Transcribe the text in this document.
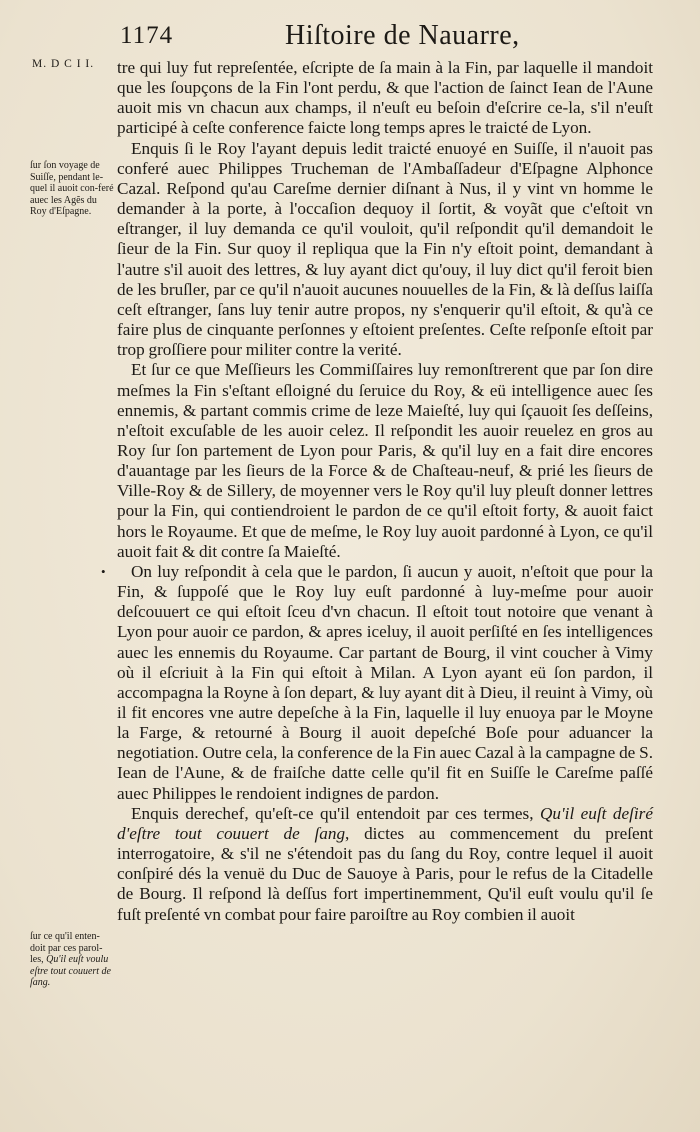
1174	Hiſtoire de Nauarre,
M. D C I I.
ſur ſon voyage de Suiſſe, pendant le-quel il auoit con-feré auec les Agẽs du Roy d'Eſpagne.
ſur ce qu'il enten-doit par ces parol-les, Qu'il euſt voulu eſtre tout couuert de ſang.

tre qui luy fut repreſentée, eſcripte de ſa main à la Fin, par laquelle il mandoit que les ſoupçons de la Fin l'ont perdu, & que l'action de ſainct Iean de l'Aune auoit mis vn chacun aux champs, il n'euſt eu beſoin d'eſcrire ce-la, s'il n'euſt participé à ceſte conference faicte long temps apres le traicté de Lyon.

Enquis ſi le Roy l'ayant depuis ledit traicté enuoyé en Suiſſe, il n'auoit pas conferé auec Philippes Trucheman de l'Ambaſſadeur d'Eſpagne Alphonce Cazal. Reſpond qu'au Careſme dernier diſnant à Nus, il y vint vn homme le demander à la porte, à l'occaſion dequoy il ſortit, & voyãt que c'eſtoit vn eſtranger, il luy demanda ce qu'il vouloit, qu'il reſpondit qu'il demandoit le ſieur de la Fin. Sur quoy il repliqua que la Fin n'y eſtoit point, demandant à l'autre s'il auoit des lettres, & luy ayant dict qu'ouy, il luy dict qu'il feroit bien de les bruſler, par ce qu'il n'auoit aucunes nouuelles de la Fin, & là deſſus laiſſa ceſt eſtranger, ſans luy tenir autre propos, ny s'enquerir qu'il eſtoit, & qu'à ce faire plus de cinquante perſonnes y eſtoient preſentes. Ceſte reſponſe eſtoit par trop groſſiere pour militer contre la verité.

Et ſur ce que Meſſieurs les Commiſſaires luy remonſtrerent que par ſon dire meſmes la Fin s'eſtant eſloigné du ſeruice du Roy, & eü intelligence auec ſes ennemis, & partant commis crime de leze Maieſté, luy qui ſçauoit ſes deſſeins, n'eſtoit excuſable de les auoir celez. Il reſpondit les auoir reuelez en gros au Roy ſur ſon partement de Lyon pour Paris, & qu'il luy en a fait dire encores d'auantage par les ſieurs de la Force & de Chaſteau-neuf, & prié les ſieurs de Ville-Roy & de Sillery, de moyenner vers le Roy qu'il luy pleuſt donner lettres pour la Fin, qui contiendroient le pardon de ce qu'il eſtoit forty, & auoit faict hors le Royaume. Et que de meſme, le Roy luy auoit pardonné à Lyon, ce qu'il auoit fait & dit contre ſa Maieſté.

• On luy reſpondit à cela que le pardon, ſi aucun y auoit, n'eſtoit que pour la Fin, & ſuppoſé que le Roy luy euſt pardonné à luy-meſme pour auoir deſcouuert ce qui eſtoit ſceu d'vn chacun. Il eſtoit tout notoire que venant à Lyon pour auoir ce pardon, & apres iceluy, il auoit perſiſté en ſes intelligences auec les ennemis du Royaume. Car partant de Bourg, il vint coucher à Vimy où il eſcriuit à la Fin qui eſtoit à Milan. A Lyon ayant eü ſon pardon, il accompagna la Royne à ſon depart, & luy ayant dit à Dieu, il reuint à Vimy, où il fit encores vne autre depeſche à la Fin, laquelle il luy enuoya par le Moyne la Farge, & retourné à Bourg il auoit depeſché Boſe pour aduancer la negotiation. Outre cela, la conference de la Fin auec Cazal à la campagne de S. Iean de l'Aune, & de fraiſche datte celle qu'il fit en Suiſſe le Careſme paſſé auec Philippes le rendoient indignes de pardon.

Enquis derechef, qu'eſt-ce qu'il entendoit par ces termes, Qu'il euſt deſiré d'eſtre tout couuert de ſang, dictes au commencement du preſent interrogatoire, & s'il ne s'étendoit pas du ſang du Roy, contre lequel il auoit conſpiré dés la venuë du Duc de Sauoye à Paris, pour le refus de la Citadelle de Bourg. Il reſpond là deſſus fort impertinemment, Qu'il euſt voulu qu'il ſe fuſt preſenté vn combat pour faire paroiſtre au Roy combien il auoit
